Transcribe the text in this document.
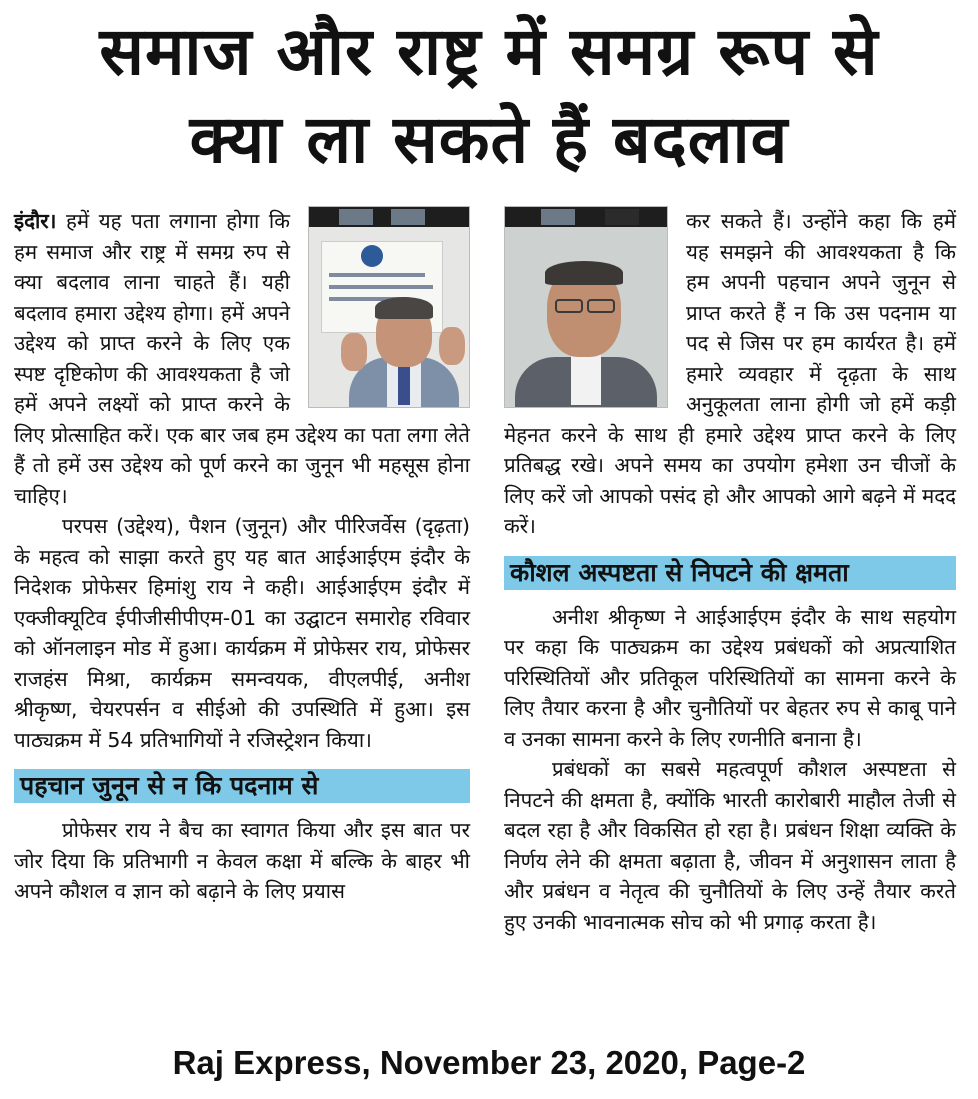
समाज और राष्ट्र में समग्र रूप से
क्या ला सकते हैं बदलाव

इंदौर। हमें यह पता लगाना होगा कि हम समाज और राष्ट्र में समग्र रुप से क्या बदलाव लाना चाहते हैं। यही बदलाव हमारा उद्देश्य होगा। हमें अपने उद्देश्य को प्राप्त करने के लिए एक स्पष्ट दृष्टिकोण की आवश्यकता है जो हमें अपने लक्ष्यों को प्राप्त करने के लिए प्रोत्साहित करें। एक बार जब हम उद्देश्य का पता लगा लेते हैं तो हमें उस उद्देश्य को पूर्ण करने का जुनून भी महसूस होना चाहिए।

परपस (उद्देश्य), पैशन (जुनून) और पीरिजर्वेस (दृढ़ता) के महत्व को साझा करते हुए यह बात आईआईएम इंदौर के निदेशक प्रोफेसर हिमांशु राय ने कही। आईआईएम इंदौर में एक्जीक्यूटिव ईपीजीसीपीएम-01 का उद्घाटन समारोह रविवार को ऑनलाइन मोड में हुआ। कार्यक्रम में प्रोफेसर राय, प्रोफेसर राजहंस मिश्रा, कार्यक्रम समन्वयक, वीएलपीई, अनीश श्रीकृष्ण, चेयरपर्सन व सीईओ की उपस्थिति में हुआ। इस पाठ्यक्रम में 54 प्रतिभागियों ने रजिस्ट्रेशन किया।

पहचान जुनून से न कि पदनाम से

प्रोफेसर राय ने बैच का स्वागत किया और इस बात पर जोर दिया कि प्रतिभागी न केवल कक्षा में बल्कि के बाहर भी अपने कौशल व ज्ञान को बढ़ाने के लिए प्रयास

कर सकते हैं। उन्होंने कहा कि हमें यह समझने की आवश्यकता है कि हम अपनी पहचान अपने जुनून से प्राप्त करते हैं न कि उस पदनाम या पद से जिस पर हम कार्यरत है। हमें हमारे व्यवहार में दृढ़ता के साथ अनुकूलता लाना होगी जो हमें कड़ी मेहनत करने के साथ ही हमारे उद्देश्य प्राप्त करने के लिए प्रतिबद्ध रखे। अपने समय का उपयोग हमेशा उन चीजों के लिए करें जो आपको पसंद हो और आपको आगे बढ़ने में मदद करें।

कौशल अस्पष्टता से निपटने की क्षमता

अनीश श्रीकृष्ण ने आईआईएम इंदौर के साथ सहयोग पर कहा कि पाठ्यक्रम का उद्देश्य प्रबंधकों को अप्रत्याशित परिस्थितियों और प्रतिकूल परिस्थितियों का सामना करने के लिए तैयार करना है और चुनौतियों पर बेहतर रुप से काबू पाने व उनका सामना करने के लिए रणनीति बनाना है।

प्रबंधकों का सबसे महत्वपूर्ण कौशल अस्पष्टता से निपटने की क्षमता है, क्योंकि भारती कारोबारी माहौल तेजी से बदल रहा है और विकसित हो रहा है। प्रबंधन शिक्षा व्यक्ति के निर्णय लेने की क्षमता बढ़ाता है, जीवन में अनुशासन लाता है और प्रबंधन व नेतृत्व की चुनौतियों के लिए उन्हें तैयार करते हुए उनकी भावनात्मक सोच को भी प्रगाढ़ करता है।

Raj Express, November 23, 2020, Page-2
